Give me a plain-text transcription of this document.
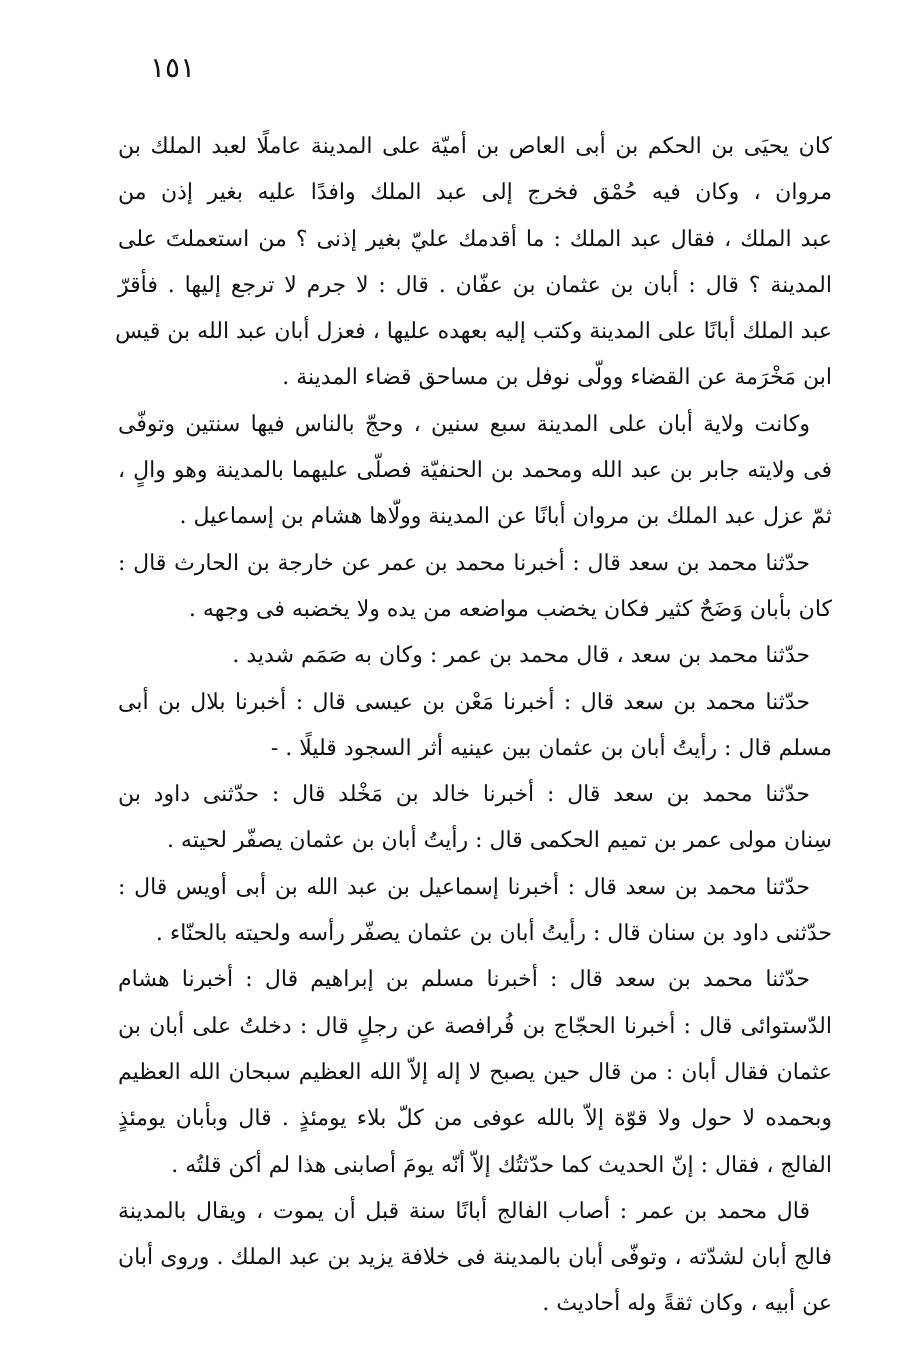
١٥١
كان يحيَى بن الحكم بن أبى العاص بن أميّة على المدينة عاملًا لعبد الملك بن
مروان ، وكان فيه حُمْق فخرج إلى عبد الملك وافدًا عليه بغير إذن من
عبد الملك ، فقال عبد الملك : ما أقدمك عليّ بغير إذنى ؟ من استعملتَ على
المدينة ؟ قال : أبان بن عثمان بن عفّان . قال : لا جرم لا ترجع إليها . فأقرّ
عبد الملك أبانًا على المدينة وكتب إليه بعهده عليها ، فعزل أبان عبد الله بن قيس
ابن مَخْرَمة عن القضاء وولّى نوفل بن مساحق قضاء المدينة .
وكانت ولاية أبان على المدينة سبع سنين ، وحجّ بالناس فيها سنتين وتوفّى
فى ولايته جابر بن عبد الله ومحمد بن الحنفيّة فصلّى عليهما بالمدينة وهو والٍ ،
ثمّ عزل عبد الملك بن مروان أبانًا عن المدينة وولّاها هشام بن إسماعيل .
حدّثنا محمد بن سعد قال : أخبرنا محمد بن عمر عن خارجة بن الحارث قال :
كان بأبان وَضَحٌ كثير فكان يخضب مواضعه من يده ولا يخضبه فى وجهه .
حدّثنا محمد بن سعد ، قال محمد بن عمر : وكان به صَمَم شديد .
حدّثنا محمد بن سعد قال : أخبرنا مَعْن بن عيسى قال : أخبرنا بلال بن أبى
مسلم قال : رأيتُ أبان بن عثمان بين عينيه أثر السجود قليلًا . -
حدّثنا محمد بن سعد قال : أخبرنا خالد بن مَخْلد قال : حدّثنى داود بن
سِنان مولى عمر بن تميم الحكمى قال : رأيتُ أبان بن عثمان يصفّر لحيته .
حدّثنا محمد بن سعد قال : أخبرنا إسماعيل بن عبد الله بن أبى أويس قال :
حدّثنى داود بن سنان قال : رأيتُ أبان بن عثمان يصفّر رأسه ولحيته بالحنّاء .
حدّثنا محمد بن سعد قال : أخبرنا مسلم بن إبراهيم قال : أخبرنا هشام
الدّستوائى قال : أخبرنا الحجّاج بن فُرافصة عن رجلٍ قال : دخلتُ على أبان بن
عثمان فقال أبان : من قال حين يصبح لا إله إلاّ الله العظيم سبحان الله العظيم
وبحمده لا حول ولا قوّة إلاّ بالله عوفى من كلّ بلاء يومئذٍ . قال وبأبان يومئذٍ
الفالج ، فقال : إنّ الحديث كما حدّثتُك إلاّ أنّه يومَ أصابنى هذا لم أكن قلتُه .
قال محمد بن عمر : أصاب الفالج أبانًا سنة قبل أن يموت ، ويقال بالمدينة
فالج أبان لشدّته ، وتوفّى أبان بالمدينة فى خلافة يزيد بن عبد الملك . وروى أبان
عن أبيه ، وكان ثقةً وله أحاديث .
